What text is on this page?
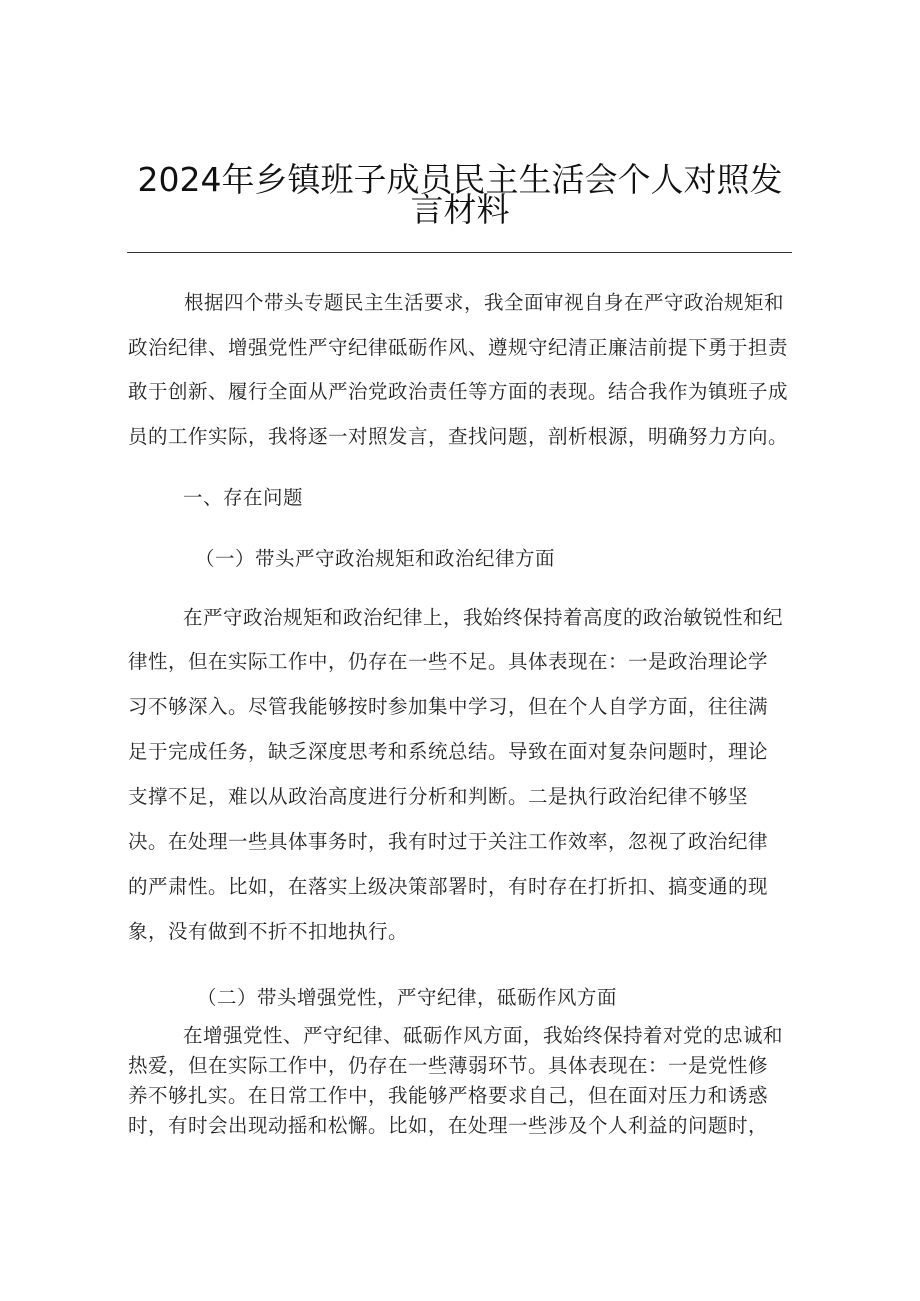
2024年乡镇班子成员民主生活会个人对照发
言材料
根据四个带头专题民主生活要求，我全面审视自身在严守政治规矩和
政治纪律、增强党性严守纪律砥砺作风、遵规守纪清正廉洁前提下勇于担责
敢于创新、履行全面从严治党政治责任等方面的表现。结合我作为镇班子成
员的工作实际，我将逐一对照发言，查找问题，剖析根源，明确努力方向。
一、存在问题
（一）带头严守政治规矩和政治纪律方面
在严守政治规矩和政治纪律上，我始终保持着高度的政治敏锐性和纪
律性，但在实际工作中，仍存在一些不足。具体表现在：一是政治理论学
习不够深入。尽管我能够按时参加集中学习，但在个人自学方面，往往满
足于完成任务，缺乏深度思考和系统总结。导致在面对复杂问题时，理论
支撑不足，难以从政治高度进行分析和判断。二是执行政治纪律不够坚
决。在处理一些具体事务时，我有时过于关注工作效率，忽视了政治纪律
的严肃性。比如，在落实上级决策部署时，有时存在打折扣、搞变通的现
象，没有做到不折不扣地执行。
（二）带头增强党性，严守纪律，砥砺作风方面
在增强党性、严守纪律、砥砺作风方面，我始终保持着对党的忠诚和
热爱，但在实际工作中，仍存在一些薄弱环节。具体表现在：一是党性修
养不够扎实。在日常工作中，我能够严格要求自己，但在面对压力和诱惑
时，有时会出现动摇和松懈。比如，在处理一些涉及个人利益的问题时，
